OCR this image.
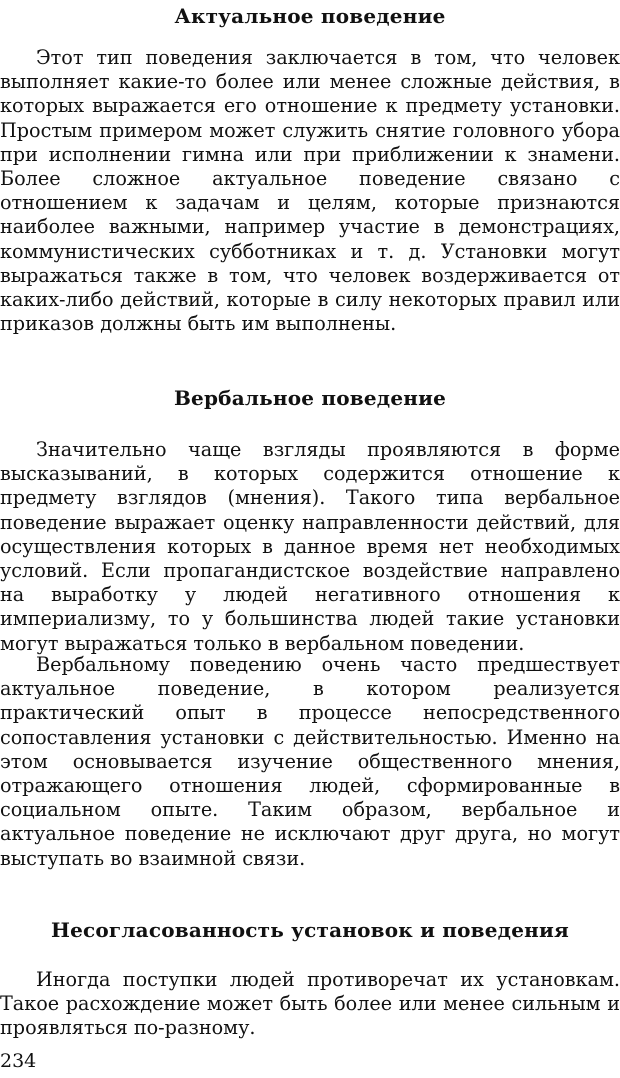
Актуальное поведение

Этот тип поведения заключается в том, что человек выполняет какие-то более или менее сложные действия, в которых выражается его отношение к предмету установки. Простым примером может служить снятие головного убора при исполнении гимна или при приближении к знамени. Более сложное актуальное поведение связано с отношением к задачам и целям, которые признаются наиболее важными, например участие в демонстрациях, коммунистических субботниках и т. д. Установки могут выражаться также в том, что человек воздерживается от каких-либо действий, которые в силу некоторых правил или приказов должны быть им выполнены.

Вербальное поведение

Значительно чаще взгляды проявляются в форме высказываний, в которых содержится отношение к предмету взглядов (мнения). Такого типа вербальное поведение выражает оценку направленности действий, для осуществления которых в данное время нет необходимых условий. Если пропагандистское воздействие направлено на выработку у людей негативного отношения к империализму, то у большинства людей такие установки могут выражаться только в вербальном поведении.

Вербальному поведению очень часто предшествует актуальное поведение, в котором реализуется практический опыт в процессе непосредственного сопоставления установки с действительностью. Именно на этом основывается изучение общественного мнения, отражающего отношения людей, сформированные в социальном опыте. Таким образом, вербальное и актуальное поведение не исключают друг друга, но могут выступать во взаимной связи.

Несогласованность установок и поведения

Иногда поступки людей противоречат их установкам. Такое расхождение может быть более или менее сильным и проявляться по-разному.

234
